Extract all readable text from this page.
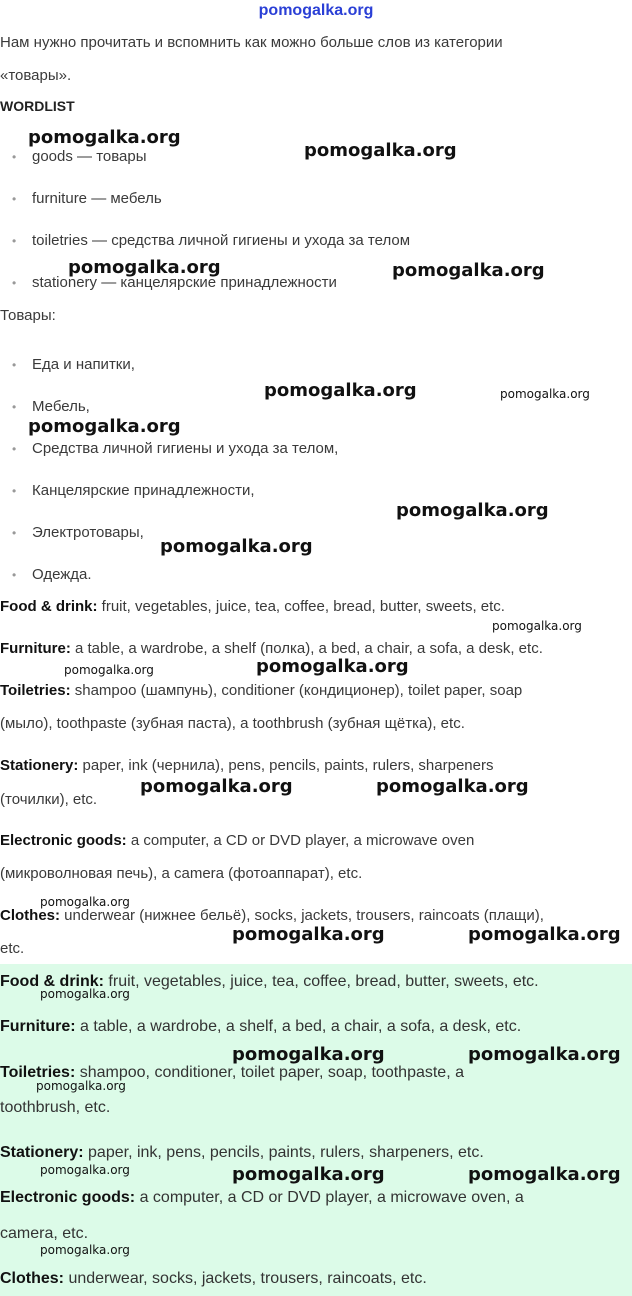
pomogalka.org
Нам нужно прочитать и вспомнить как можно больше слов из категории
«товары».
WORDLIST
• goods — товары
• furniture — мебель
• toiletries — средства личной гигиены и ухода за телом
• stationery — канцелярские принадлежности
Товары:
• Еда и напитки,
• Мебель,
• Средства личной гигиены и ухода за телом,
• Канцелярские принадлежности,
• Электротовары,
• Одежда.
Food & drink: fruit, vegetables, juice, tea, coffee, bread, butter, sweets, etc.
Furniture: a table, a wardrobe, a shelf (полка), a bed, a chair, a sofa, a desk, etc.
Toiletries: shampoo (шампунь), conditioner (кондиционер), toilet paper, soap
(мыло), toothpaste (зубная паста), a toothbrush (зубная щётка), etc.
Stationery: paper, ink (чернила), pens, pencils, paints, rulers, sharpeners
(точилки), etc.
Electronic goods: a computer, a CD or DVD player, a microwave oven
(микроволновая печь), a camera (фотоаппарат), etc.
Clothes: underwear (нижнее бельё), socks, jackets, trousers, raincoats (плащи),
etc.
Food & drink: fruit, vegetables, juice, tea, coffee, bread, butter, sweets, etc.
Furniture: a table, a wardrobe, a shelf, a bed, a chair, a sofa, a desk, etc.
Toiletries: shampoo, conditioner, toilet paper, soap, toothpaste, a
toothbrush, etc.
Stationery: paper, ink, pens, pencils, paints, rulers, sharpeners, etc.
Electronic goods: a computer, a CD or DVD player, a microwave oven, a
camera, etc.
Clothes: underwear, socks, jackets, trousers, raincoats, etc.
pomogalka.org
pomogalka.org
pomogalka.org	pomogalka.org
pomogalka.org	pomogalka.org
pomogalka.org
pomogalka.org
pomogalka.org
pomogalka.org
pomogalka.org
pomogalka.org
pomogalka.org	pomogalka.org
pomogalka.org
pomogalka.org	pomogalka.org
pomogalka.org
pomogalka.org	pomogalka.org
pomogalka.org
pomogalka.org	pomogalka.org	pomogalka.org
pomogalka.org
